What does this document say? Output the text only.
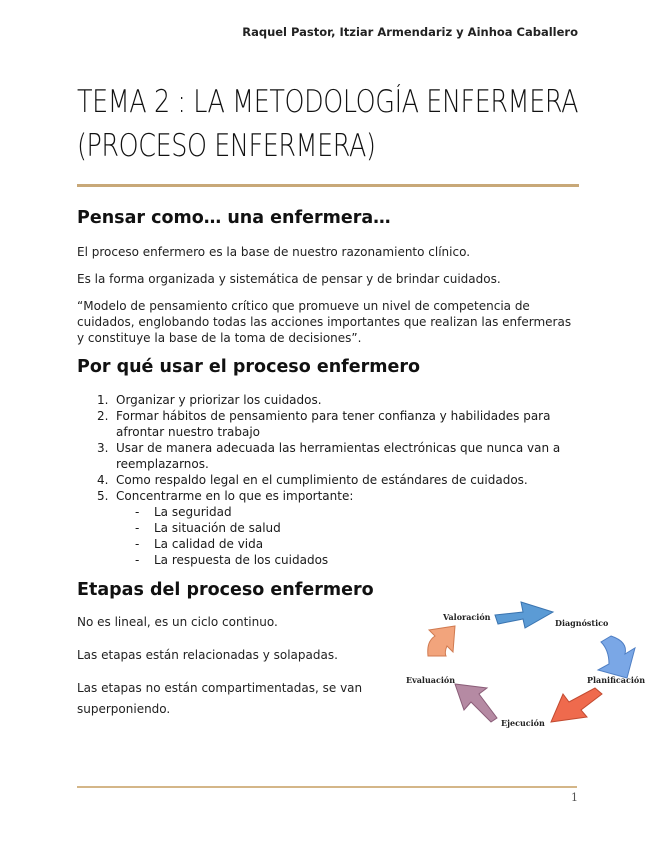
Raquel Pastor, Itziar Armendariz y Ainhoa Caballero
TEMA 2 : LA METODOLOGÍA ENFERMERA
(PROCESO ENFERMERA)
Pensar como… una enfermera…

El proceso enfermero es la base de nuestro razonamiento clínico.

Es la forma organizada y sistemática de pensar y de brindar cuidados.

“Modelo de pensamiento crítico que promueve un nivel de competencia de cuidados, englobando todas las acciones importantes que realizan las enfermeras y constituye la base de la toma de decisiones”.

Por qué usar el proceso enfermero
1. Organizar y priorizar los cuidados.
2. Formar hábitos de pensamiento para tener confianza y habilidades para afrontar nuestro trabajo
3. Usar de manera adecuada las herramientas electrónicas que nunca van a reemplazarnos.
4. Como respaldo legal en el cumplimiento de estándares de cuidados.
5. Concentrarme en lo que es importante:
- La seguridad
- La situación de salud
- La calidad de vida
- La respuesta de los cuidados
Etapas del proceso enfermero

No es lineal, es un ciclo continuo.

Las etapas están relacionadas y solapadas.

Las etapas no están compartimentadas, se van superponiendo.

Valoración
Diagnóstico
Planificación
Ejecución
Evaluación
1
